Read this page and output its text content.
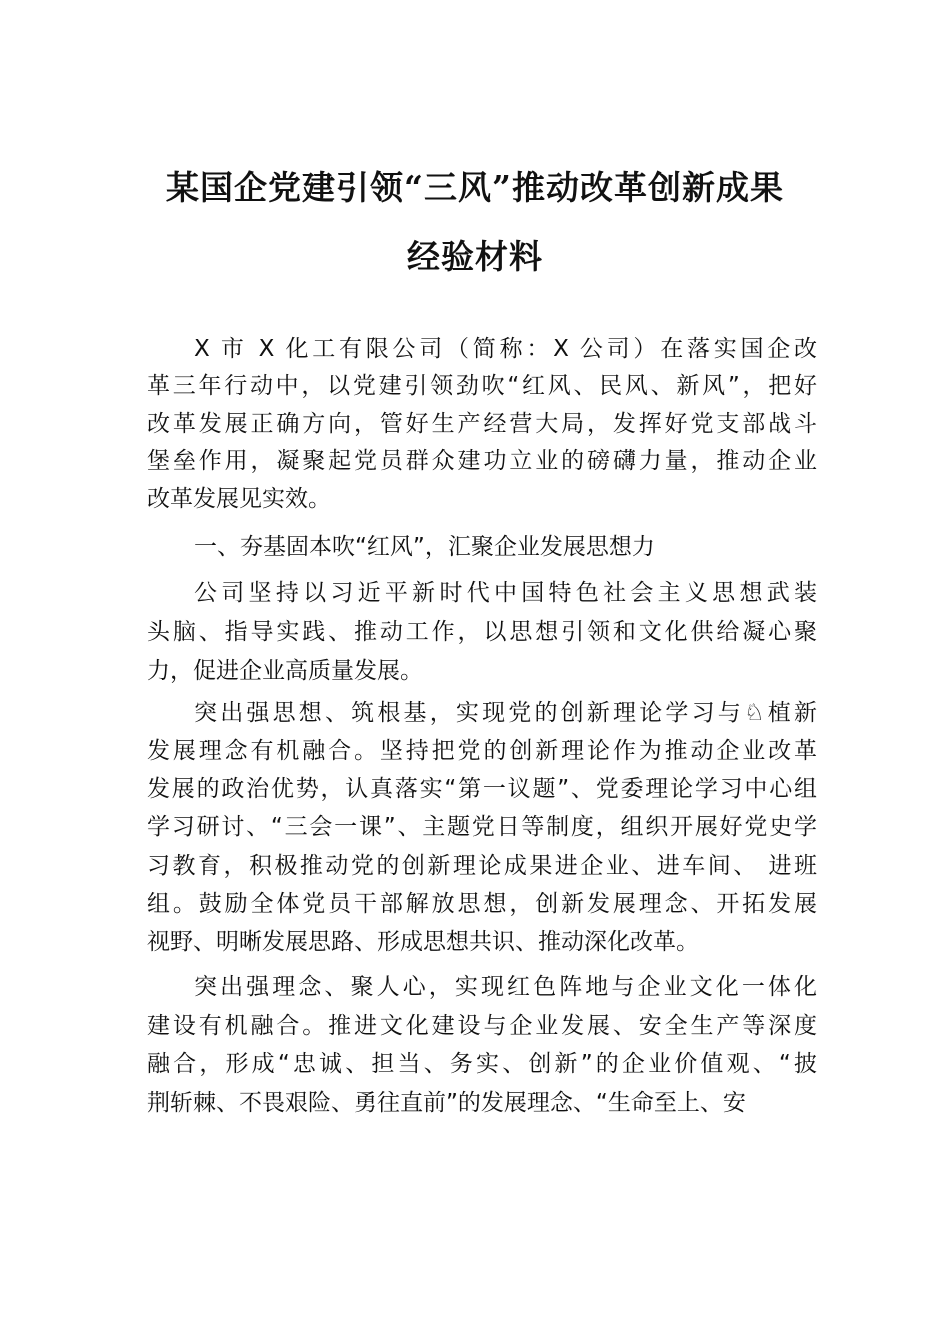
某国企党建引领“三风”推动改革创新成果
经验材料

X 市 X 化工有限公司（简称：X 公司）在落实国企改

革三年行动中，以党建引领劲吹“红风、民风、新风”，把好

改革发展正确方向，管好生产经营大局，发挥好党支部战斗

堡垒作用，凝聚起党员群众建功立业的磅礴力量，推动企业

改革发展见实效。

一、夯基固本吹“红风”，汇聚企业发展思想力

公司坚持以习近平新时代中国特色社会主义思想武装

头脑、指导实践、推动工作，以思想引领和文化供给凝心聚

力，促进企业高质量发展。

突出强思想、筑根基，实现党的创新理论学习与♘植新

发展理念有机融合。坚持把党的创新理论作为推动企业改革

发展的政治优势，认真落实“第一议题”、党委理论学习中心组

学习研讨、“三会一课”、主题党日等制度，组织开展好党史学

习教育，积极推动党的创新理论成果进企业、进车间、 进班

组。鼓励全体党员干部解放思想，创新发展理念、开拓发展

视野、明晰发展思路、形成思想共识、推动深化改革。

突出强理念、聚人心，实现红色阵地与企业文化一体化

建设有机融合。推进文化建设与企业发展、安全生产等深度

融合，形成“忠诚、担当、务实、创新”的企业价值观、“披

荆斩棘、不畏艰险、勇往直前”的发展理念、“生命至上、安
